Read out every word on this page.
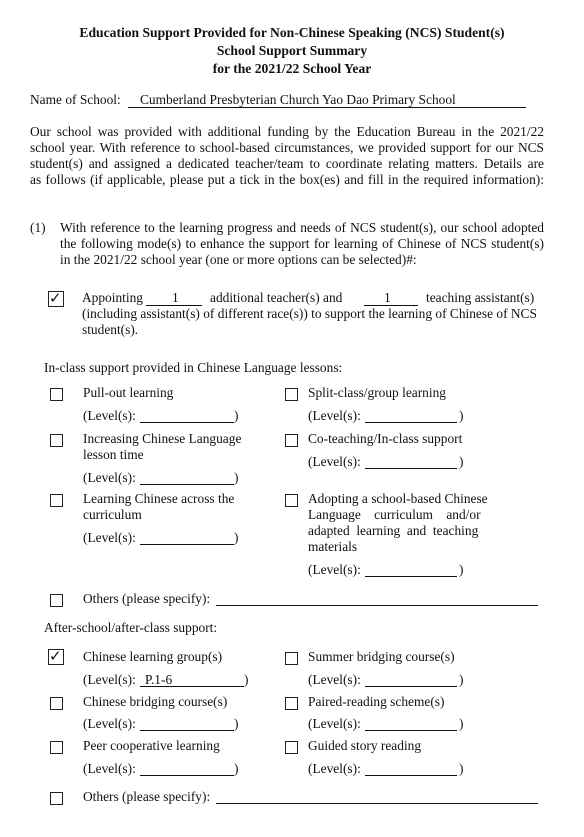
Education Support Provided for Non-Chinese Speaking (NCS) Student(s)
School Support Summary
for the 2021/22 School Year
Name of School: Cumberland Presbyterian Church Yao Dao Primary School
Our school was provided with additional funding by the Education Bureau in the 2021/22
school year. With reference to school-based circumstances, we provided support for our NCS
student(s) and assigned a dedicated teacher/team to coordinate relating matters. Details are
as follows (if applicable, please put a tick in the box(es) and fill in the required information):
(1) With reference to the learning progress and needs of NCS student(s), our school adopted
the following mode(s) to enhance the support for learning of Chinese of NCS student(s)
in the 2021/22 school year (one or more options can be selected)#:
✓ Appointing 1 additional teacher(s) and	1	teaching assistant(s)
(including assistant(s) of different race(s)) to support the learning of Chinese of NCS
student(s).
In-class support provided in Chinese Language lessons:
Pull-out learning
(Level(s):	)
Increasing Chinese Language
lesson time
(Level(s):	)
Learning Chinese across the
curriculum
(Level(s):	)
Split-class/group learning
(Level(s):	)
Co-teaching/In-class support
(Level(s):	)
Adopting a school-based Chinese
Language    curriculum    and/or
adapted  learning  and  teaching
materials
(Level(s):	)
Others (please specify):
After-school/after-class support:
✓ Chinese learning group(s)
(Level(s): P.1-6	)
Chinese bridging course(s)
(Level(s):	)
Peer cooperative learning
(Level(s):	)
Summer bridging course(s)
(Level(s):	)
Paired-reading scheme(s)
(Level(s):	)
Guided story reading
(Level(s):	)
Others (please specify):
